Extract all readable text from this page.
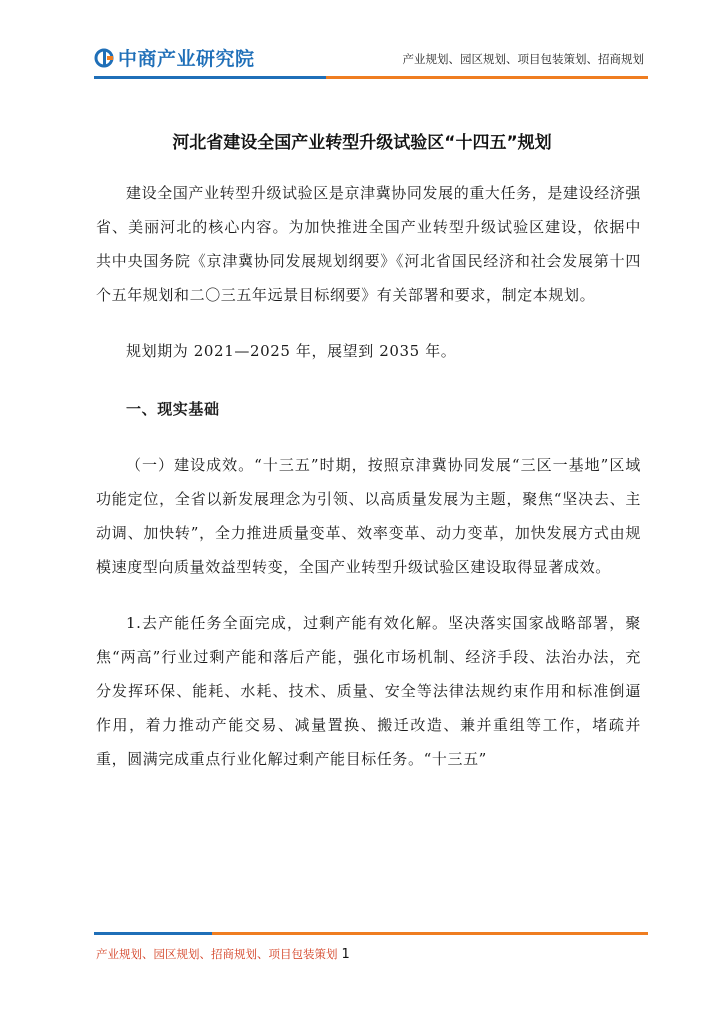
中商产业研究院	产业规划、园区规划、项目包装策划、招商规划
河北省建设全国产业转型升级试验区“十四五”规划

建设全国产业转型升级试验区是京津冀协同发展的重大任务，是建设经济强省、美丽河北的核心内容。为加快推进全国产业转型升级试验区建设，依据中共中央国务院《京津冀协同发展规划纲要》《河北省国民经济和社会发展第十四个五年规划和二〇三五年远景目标纲要》有关部署和要求，制定本规划。

规划期为 2021—2025 年，展望到 2035 年。

一、现实基础

（一）建设成效。“十三五”时期，按照京津冀协同发展“三区一基地”区域功能定位，全省以新发展理念为引领、以高质量发展为主题，聚焦“坚决去、主动调、加快转”，全力推进质量变革、效率变革、动力变革，加快发展方式由规模速度型向质量效益型转变，全国产业转型升级试验区建设取得显著成效。

1.去产能任务全面完成，过剩产能有效化解。坚决落实国家战略部署，聚焦“两高”行业过剩产能和落后产能，强化市场机制、经济手段、法治办法，充分发挥环保、能耗、水耗、技术、质量、安全等法律法规约束作用和标准倒逼作用，着力推动产能交易、减量置换、搬迁改造、兼并重组等工作，堵疏并重，圆满完成重点行业化解过剩产能目标任务。“十三五”

产业规划、园区规划、招商规划、项目包装策划 1
